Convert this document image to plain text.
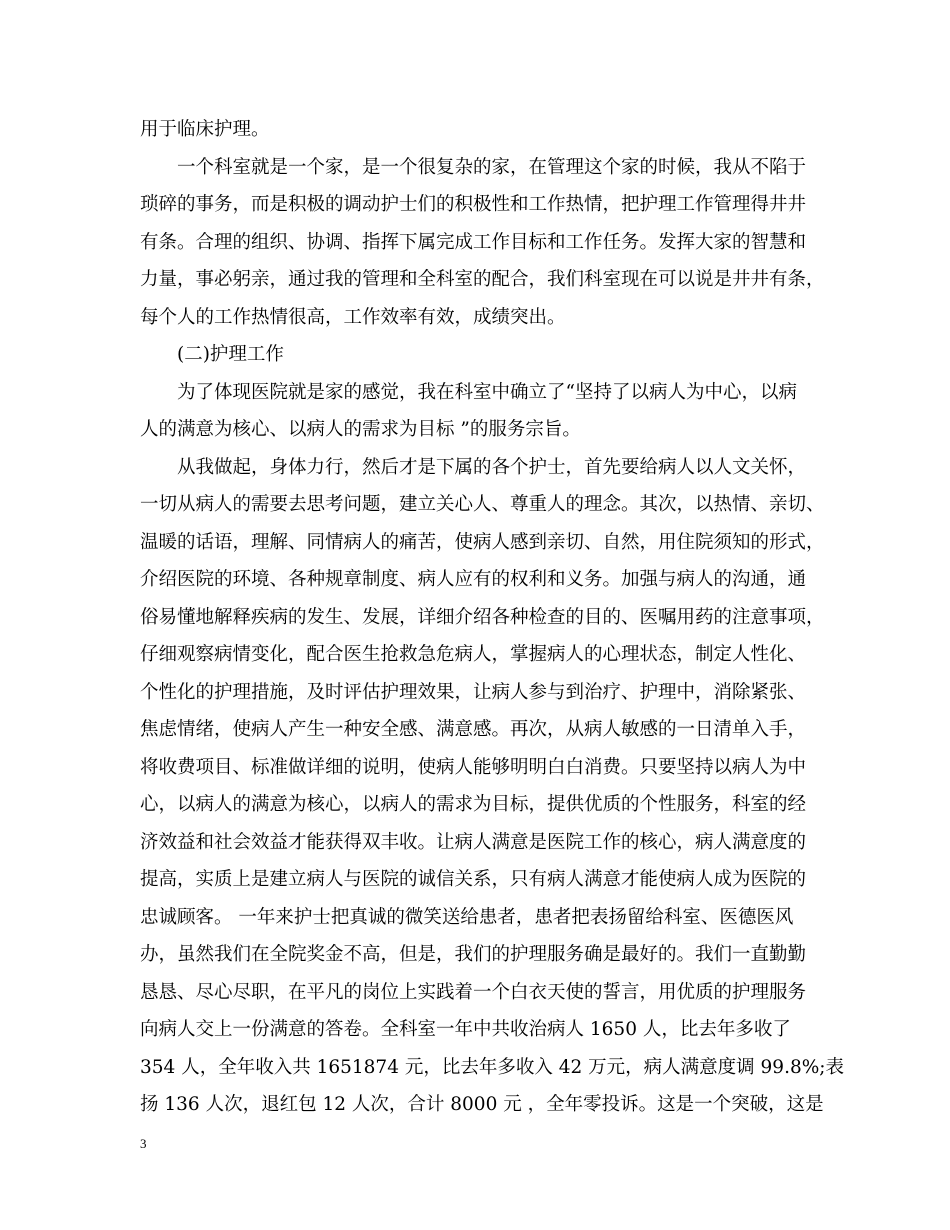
用于临床护理。
　　一个科室就是一个家，是一个很复杂的家，在管理这个家的时候，我从不陷于
琐碎的事务，而是积极的调动护士们的积极性和工作热情，把护理工作管理得井井
有条。合理的组织、协调、指挥下属完成工作目标和工作任务。发挥大家的智慧和
力量，事必躬亲，通过我的管理和全科室的配合，我们科室现在可以说是井井有条，
每个人的工作热情很高，工作效率有效，成绩突出。
　　(二)护理工作
　　为了体现医院就是家的感觉，我在科室中确立了“坚持了以病人为中心，以病
人的满意为核心、以病人的需求为目标 ”的服务宗旨。
　　从我做起，身体力行，然后才是下属的各个护士，首先要给病人以人文关怀，
一切从病人的需要去思考问题，建立关心人、尊重人的理念。其次，以热情、亲切、
温暖的话语，理解、同情病人的痛苦，使病人感到亲切、自然，用住院须知的形式，
介绍医院的环境、各种规章制度、病人应有的权利和义务。加强与病人的沟通，通
俗易懂地解释疾病的发生、发展，详细介绍各种检查的目的、医嘱用药的注意事项，
仔细观察病情变化，配合医生抢救急危病人，掌握病人的心理状态，制定人性化、
个性化的护理措施，及时评估护理效果，让病人参与到治疗、护理中，消除紧张、
焦虑情绪，使病人产生一种安全感、满意感。再次，从病人敏感的一日清单入手，
将收费项目、标准做详细的说明，使病人能够明明白白消费。只要坚持以病人为中
心，以病人的满意为核心，以病人的需求为目标，提供优质的个性服务，科室的经
济效益和社会效益才能获得双丰收。让病人满意是医院工作的核心，病人满意度的
提高，实质上是建立病人与医院的诚信关系，只有病人满意才能使病人成为医院的
忠诚顾客。 一年来护士把真诚的微笑送给患者，患者把表扬留给科室、医德医风
办，虽然我们在全院奖金不高，但是，我们的护理服务确是最好的。我们一直勤勤
恳恳、尽心尽职，在平凡的岗位上实践着一个白衣天使的誓言，用优质的护理服务
向病人交上一份满意的答卷。全科室一年中共收治病人 1650 人，比去年多收了
354 人，全年收入共 1651874 元，比去年多收入 42 万元，病人满意度调 99.8%;表
扬 136 人次，退红包 12 人次，合计 8000 元 ，全年零投诉。这是一个突破，这是
3
